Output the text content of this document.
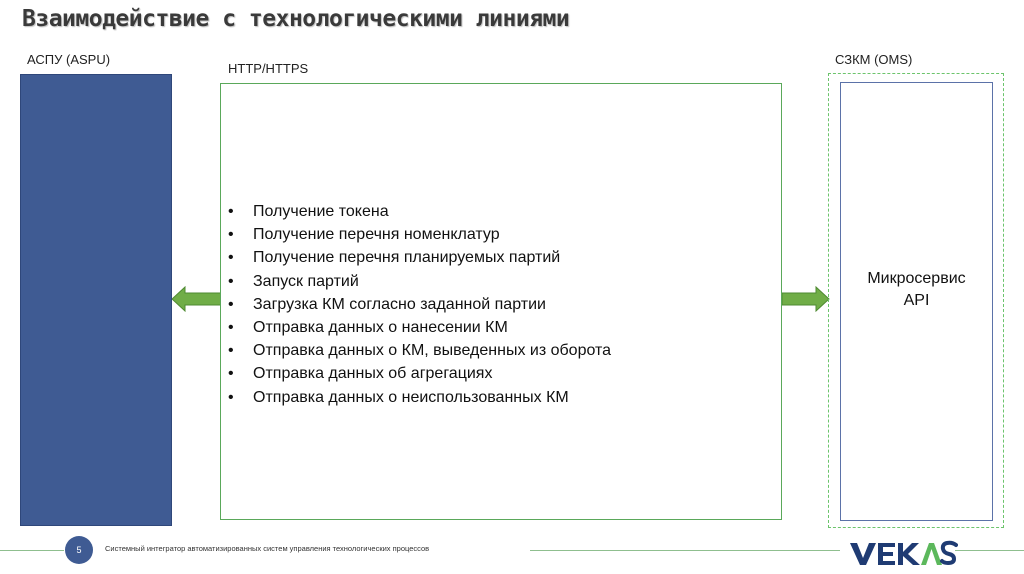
Взаимодействие с технологическими линиями
АСПУ (ASPU)
HTTP/HTTPS
СЗКМ (OMS)
• Получение токена
• Получение перечня номенклатур
• Получение перечня планируемых партий
• Запуск партий
• Загрузка КМ согласно заданной партии
• Отправка данных о нанесении КМ
• Отправка данных о КМ, выведенных из оборота
• Отправка данных об агрегациях
• Отправка данных о неиспользованных КМ
Микросервис
API
5	Системный интегратор автоматизированных систем управления технологических процессов
